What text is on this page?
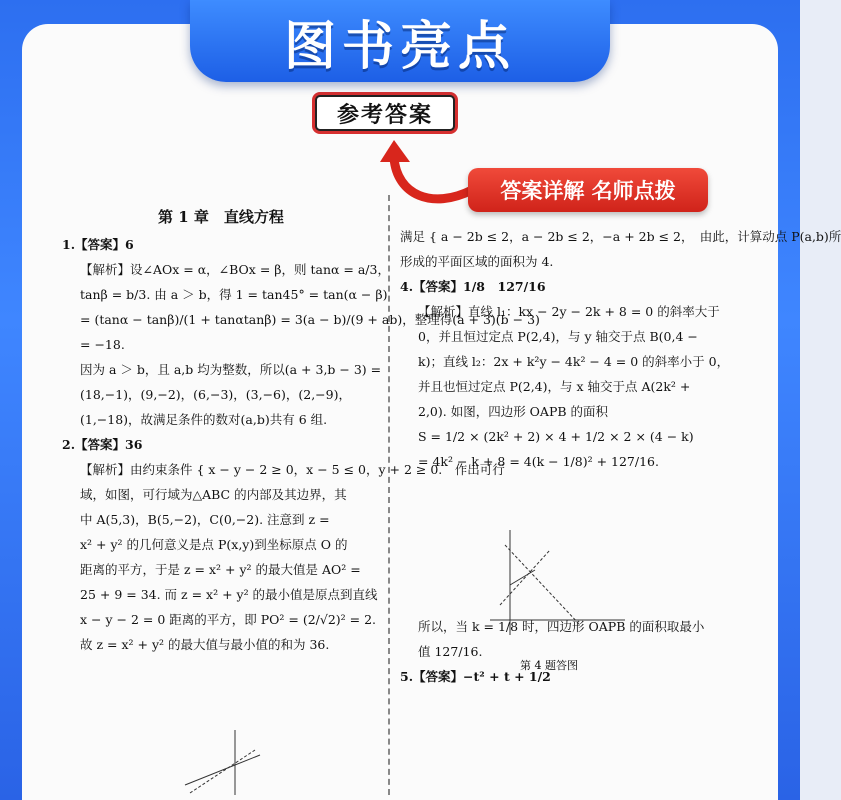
图书亮点
参考答案
答案详解 名师点拨
第 1 章　直线方程
1.【答案】6
【解析】设∠AOx = α，∠BOx = β，则 tanα = a/3，
tanβ = b/3. 由 a ＞ b，得 1 = tan45° = tan(α − β)
= (tanα − tanβ)/(1 + tanαtanβ) = 3(a − b)/(9 + ab)，整理得(a + 3)(b − 3)
= −18.
因为 a ＞ b，且 a,b 均为整数，所以(a + 3,b − 3) =
(18,−1)，(9,−2)，(6,−3)，(3,−6)，(2,−9)，
(1,−18)，故满足条件的数对(a,b)共有 6 组.
2.【答案】36
【解析】由约束条件 { x − y − 2 ≥ 0，x − 5 ≤ 0，y + 2 ≥ 0.　作出可行
域，如图，可行域为△ABC 的内部及其边界，其
中 A(5,3)，B(5,−2)，C(0,−2). 注意到 z =
x² + y² 的几何意义是点 P(x,y)到坐标原点 O 的
距离的平方，于是 z = x² + y² 的最大值是 AO² =
25 + 9 = 34. 而 z = x² + y² 的最小值是原点到直线
x − y − 2 = 0 距离的平方，即 PO² = (2/√2)² = 2.
故 z = x² + y² 的最大值与最小值的和为 36.
满足 { a − 2b ≤ 2，a − 2b ≤ 2，−a + 2b ≤ 2，　由此，计算动点 P(a,b)所
形成的平面区域的面积为 4.
4.【答案】1/8　127/16
【解析】直线 l₁：kx − 2y − 2k + 8 = 0 的斜率大于
0，并且恒过定点 P(2,4)，与 y 轴交于点 B(0,4 −
k)；直线 l₂：2x + k²y − 4k² − 4 = 0 的斜率小于 0，
并且也恒过定点 P(2,4)，与 x 轴交于点 A(2k² +
2,0). 如图，四边形 OAPB 的面积
S = 1/2 × (2k² + 2) × 4 + 1/2 × 2 × (4 − k)
= 4k² − k + 8 = 4(k − 1/8)² + 127/16.
所以，当 k = 1/8 时，四边形 OAPB 的面积取最小
值 127/16.
5.【答案】−t² + t + 1/2
第 4 题答图
